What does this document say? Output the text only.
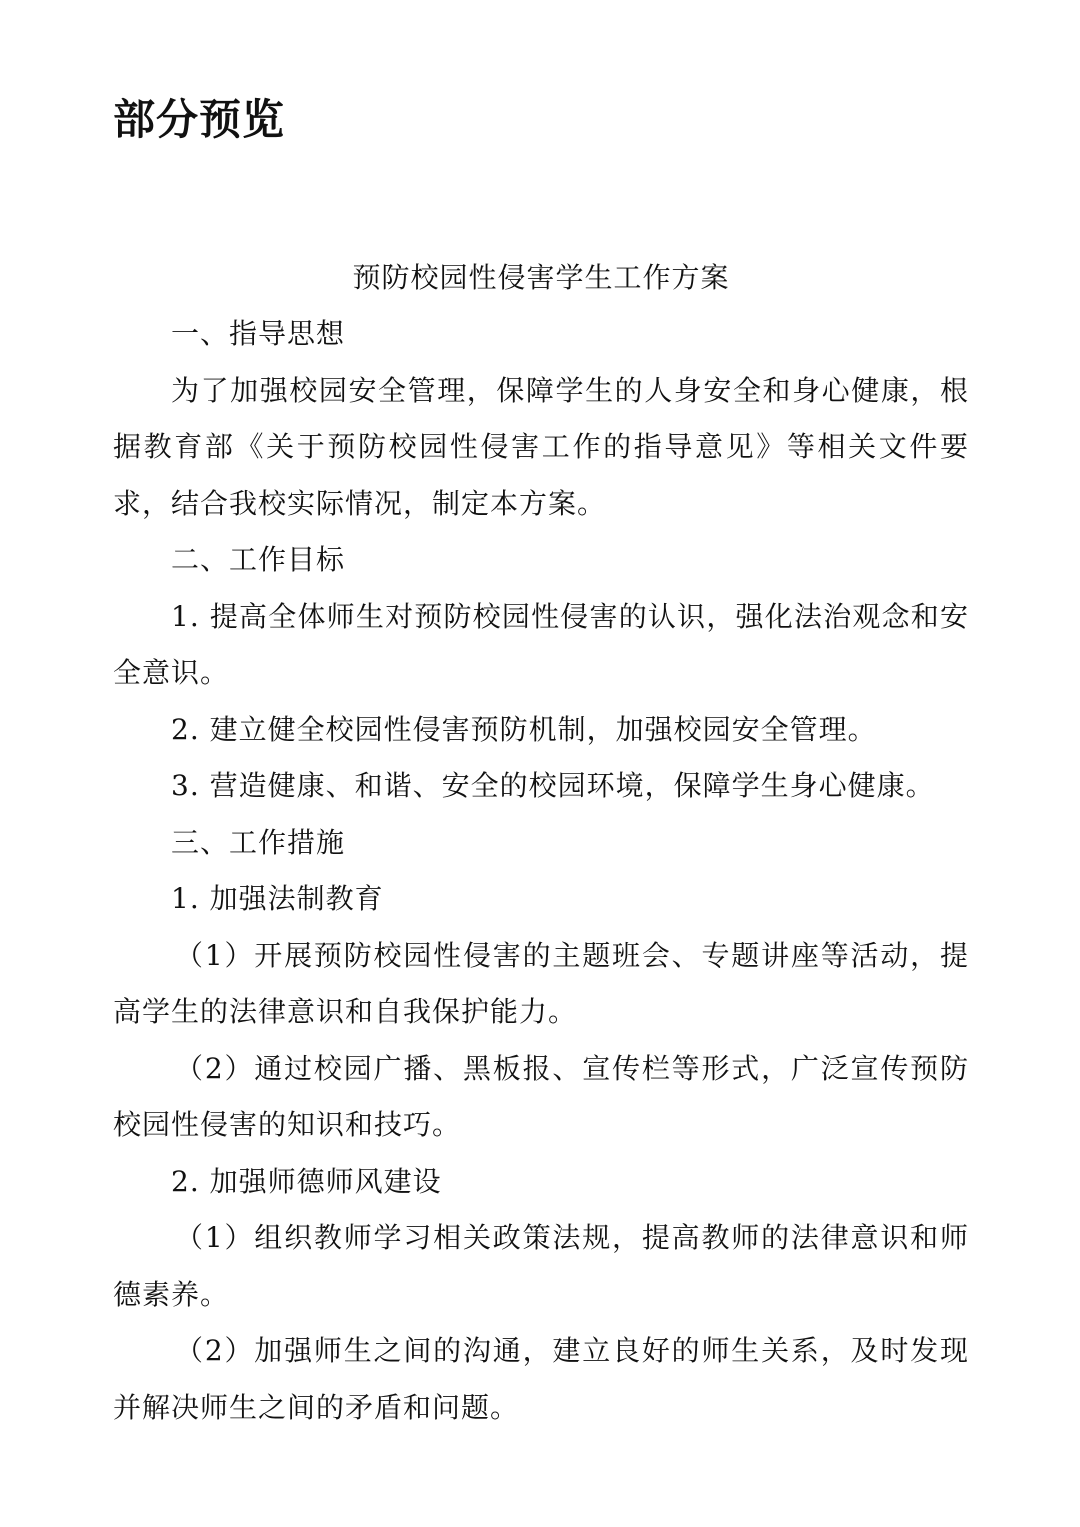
部分预览
预防校园性侵害学生工作方案

一、指导思想

为了加强校园安全管理，保障学生的人身安全和身心健康，根据教育部《关于预防校园性侵害工作的指导意见》等相关文件要求，结合我校实际情况，制定本方案。

二、工作目标

1. 提高全体师生对预防校园性侵害的认识，强化法治观念和安全意识。

2. 建立健全校园性侵害预防机制，加强校园安全管理。

3. 营造健康、和谐、安全的校园环境，保障学生身心健康。

三、工作措施

1. 加强法制教育

（1）开展预防校园性侵害的主题班会、专题讲座等活动，提高学生的法律意识和自我保护能力。

（2）通过校园广播、黑板报、宣传栏等形式，广泛宣传预防校园性侵害的知识和技巧。

2. 加强师德师风建设

（1）组织教师学习相关政策法规，提高教师的法律意识和师德素养。

（2）加强师生之间的沟通，建立良好的师生关系，及时发现并解决师生之间的矛盾和问题。
